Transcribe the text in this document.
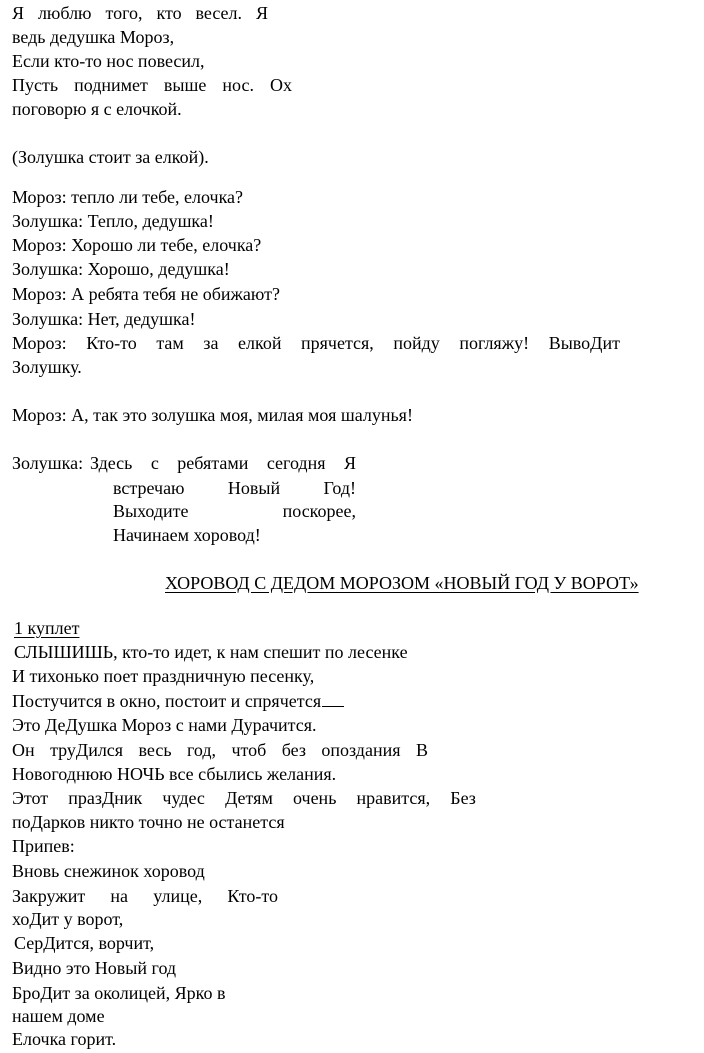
Я люблю того, кто весел. Я
ведь дедушка Мороз,
Если кто-то нос повесил,
Пусть поднимет выше нос. Ох
поговорю я с елочкой.
(Золушка стоит за елкой).
Мороз: тепло ли тебе, елочка?
Золушка: Тепло, дедушка!
Мороз: Хорошо ли тебе, елочка?
Золушка: Хорошо, дедушка!
Мороз: А ребята тебя не обижают?
Золушка: Нет, дедушка!
Мороз: Кто-то там за елкой прячется, пойду погляжу! ВывоДит
Золушку.
Мороз: А, так это золушка моя, милая моя шалунья!
Золушка: Здесь с ребятами сегодня Я
встречаю Новый Год!
Выходите	поскорее,
Начинаем хоровод!
ХОРОВОД С ДЕДОМ МОРОЗОМ «НОВЫЙ ГОД У ВОРОТ»
1 куплет
СЛЫШИШЬ, кто-то идет, к нам спешит по лесенке
И тихонько поет праздничную песенку,
Постучится в окно, постоит и спрячется
Это ДеДушка Мороз с нами Дурачится.
Он труДился весь год, чтоб без опоздания В
Новогоднюю НОЧЬ все сбылись желания.
Этот празДник чудес Детям очень нравится, Без
поДарков никто точно не останется
Припев:
Вновь снежинок хоровод
Закружит на улице, Кто-то
хоДит у ворот,
СерДится, ворчит,
Видно это Новый год
БроДит за околицей, Ярко в
нашем доме
Елочка горит.
